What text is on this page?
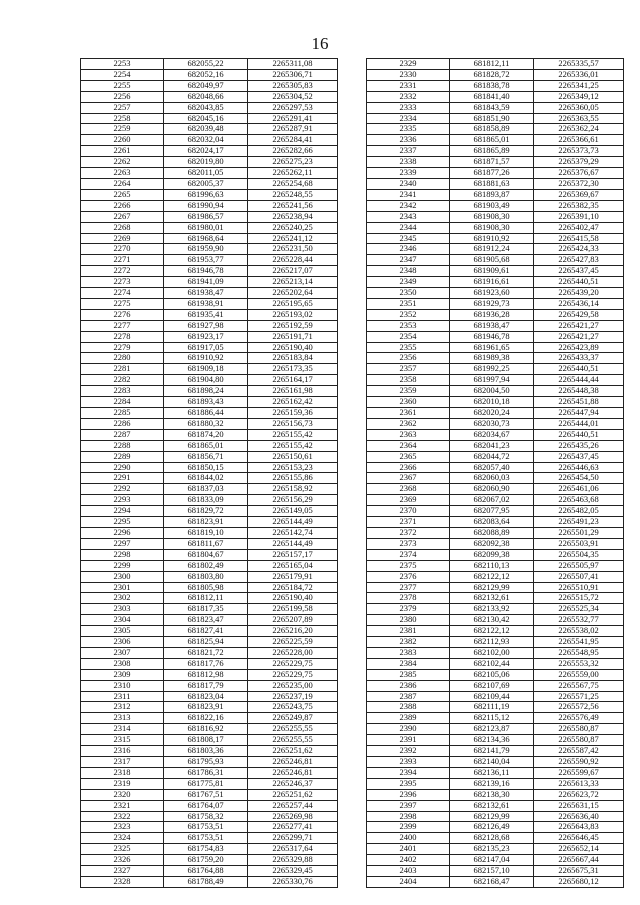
16
2253	682055,22	2265311,08
2254	682052,16	2265306,71
2255	682049,97	2265305,83
2256	682048,66	2265304,52
2257	682043,85	2265297,53
2258	682045,16	2265291,41
2259	682039,48	2265287,91
2260	682032,04	2265284,41
2261	682024,17	2265282,66
2262	682019,80	2265275,23
2263	682011,05	2265262,11
2264	682005,37	2265254,68
2265	681996,63	2265248,55
2266	681990,94	2265241,56
2267	681986,57	2265238,94
2268	681980,01	2265240,25
2269	681968,64	2265241,12
2270	681959,90	2265231,50
2271	681953,77	2265228,44
2272	681946,78	2265217,07
2273	681941,09	2265213,14
2274	681938,47	2265202,64
2275	681938,91	2265195,65
2276	681935,41	2265193,02
2277	681927,98	2265192,59
2278	681923,17	2265191,71
2279	681917,05	2265190,40
2280	681910,92	2265183,84
2281	681909,18	2265173,35
2282	681904,80	2265164,17
2283	681898,24	2265161,98
2284	681893,43	2265162,42
2285	681886,44	2265159,36
2286	681880,32	2265156,73
2287	681874,20	2265155,42
2288	681865,01	2265155,42
2289	681856,71	2265150,61
2290	681850,15	2265153,23
2291	681844,02	2265155,86
2292	681837,03	2265158,92
2293	681833,09	2265156,29
2294	681829,72	2265149,05
2295	681823,91	2265144,49
2296	681819,10	2265142,74
2297	681811,67	2265144,49
2298	681804,67	2265157,17
2299	681802,49	2265165,04
2300	681803,80	2265179,91
2301	681805,98	2265184,72
2302	681812,11	2265190,40
2303	681817,35	2265199,58
2304	681823,47	2265207,89
2305	681827,41	2265216,20
2306	681825,94	2265225,59
2307	681821,72	2265228,00
2308	681817,76	2265229,75
2309	681812,98	2265229,75
2310	681817,79	2265235,00
2311	681823,04	2265237,19
2312	681823,91	2265243,75
2313	681822,16	2265249,87
2314	681816,92	2265255,55
2315	681808,17	2265255,55
2316	681803,36	2265251,62
2317	681795,93	2265246,81
2318	681786,31	2265246,81
2319	681775,81	2265246,37
2320	681767,51	2265251,62
2321	681764,07	2265257,44
2322	681758,32	2265269,98
2323	681753,51	2265277,41
2324	681753,51	2265299,71
2325	681754,83	2265317,64
2326	681759,20	2265329,88
2327	681764,88	2265329,45
2328	681788,49	2265330,76
2329	681812,11	2265335,57
2330	681828,72	2265336,01
2331	681838,78	2265341,25
2332	681841,40	2265349,12
2333	681843,59	2265360,05
2334	681851,90	2265363,55
2335	681858,89	2265362,24
2336	681865,01	2265366,61
2337	681865,89	2265373,73
2338	681871,57	2265379,29
2339	681877,26	2265376,67
2340	681881,63	2265372,30
2341	681893,87	2265369,67
2342	681903,49	2265382,35
2343	681908,30	2265391,10
2344	681908,30	2265402,47
2345	681910,92	2265415,58
2346	681912,24	2265424,33
2347	681905,68	2265427,83
2348	681909,61	2265437,45
2349	681916,61	2265440,51
2350	681923,60	2265439,20
2351	681929,73	2265436,14
2352	681936,28	2265429,58
2353	681938,47	2265421,27
2354	681946,78	2265421,27
2355	681961,65	2265423,89
2356	681989,38	2265433,37
2357	681992,25	2265440,51
2358	681997,94	2265444,44
2359	682004,50	2265448,38
2360	682010,18	2265451,88
2361	682020,24	2265447,94
2362	682030,73	2265444,01
2363	682034,67	2265440,51
2364	682041,23	2265435,26
2365	682044,72	2265437,45
2366	682057,40	2265446,63
2367	682060,03	2265454,50
2368	682060,90	2265461,06
2369	682067,02	2265463,68
2370	682077,95	2265482,05
2371	682083,64	2265491,23
2372	682088,89	2265501,29
2373	682092,38	2265503,91
2374	682099,38	2265504,35
2375	682110,13	2265505,97
2376	682122,12	2265507,41
2377	682129,99	2265510,91
2378	682132,61	2265515,72
2379	682133,92	2265525,34
2380	682130,42	2265532,77
2381	682122,12	2265538,02
2382	682112,93	2265541,95
2383	682102,00	2265548,95
2384	682102,44	2265553,32
2385	682105,06	2265559,00
2386	682107,69	2265567,75
2387	682109,44	2265571,25
2388	682111,19	2265572,56
2389	682115,12	2265576,49
2390	682123,87	2265580,87
2391	682134,36	2265580,87
2392	682141,79	2265587,42
2393	682140,04	2265590,92
2394	682136,11	2265599,67
2395	682139,16	2265613,33
2396	682138,30	2265623,72
2397	682132,61	2265631,15
2398	682129,99	2265636,40
2399	682126,49	2265643,83
2400	682128,68	2265646,45
2401	682135,23	2265652,14
2402	682147,04	2265667,44
2403	682157,10	2265675,31
2404	682168,47	2265680,12
